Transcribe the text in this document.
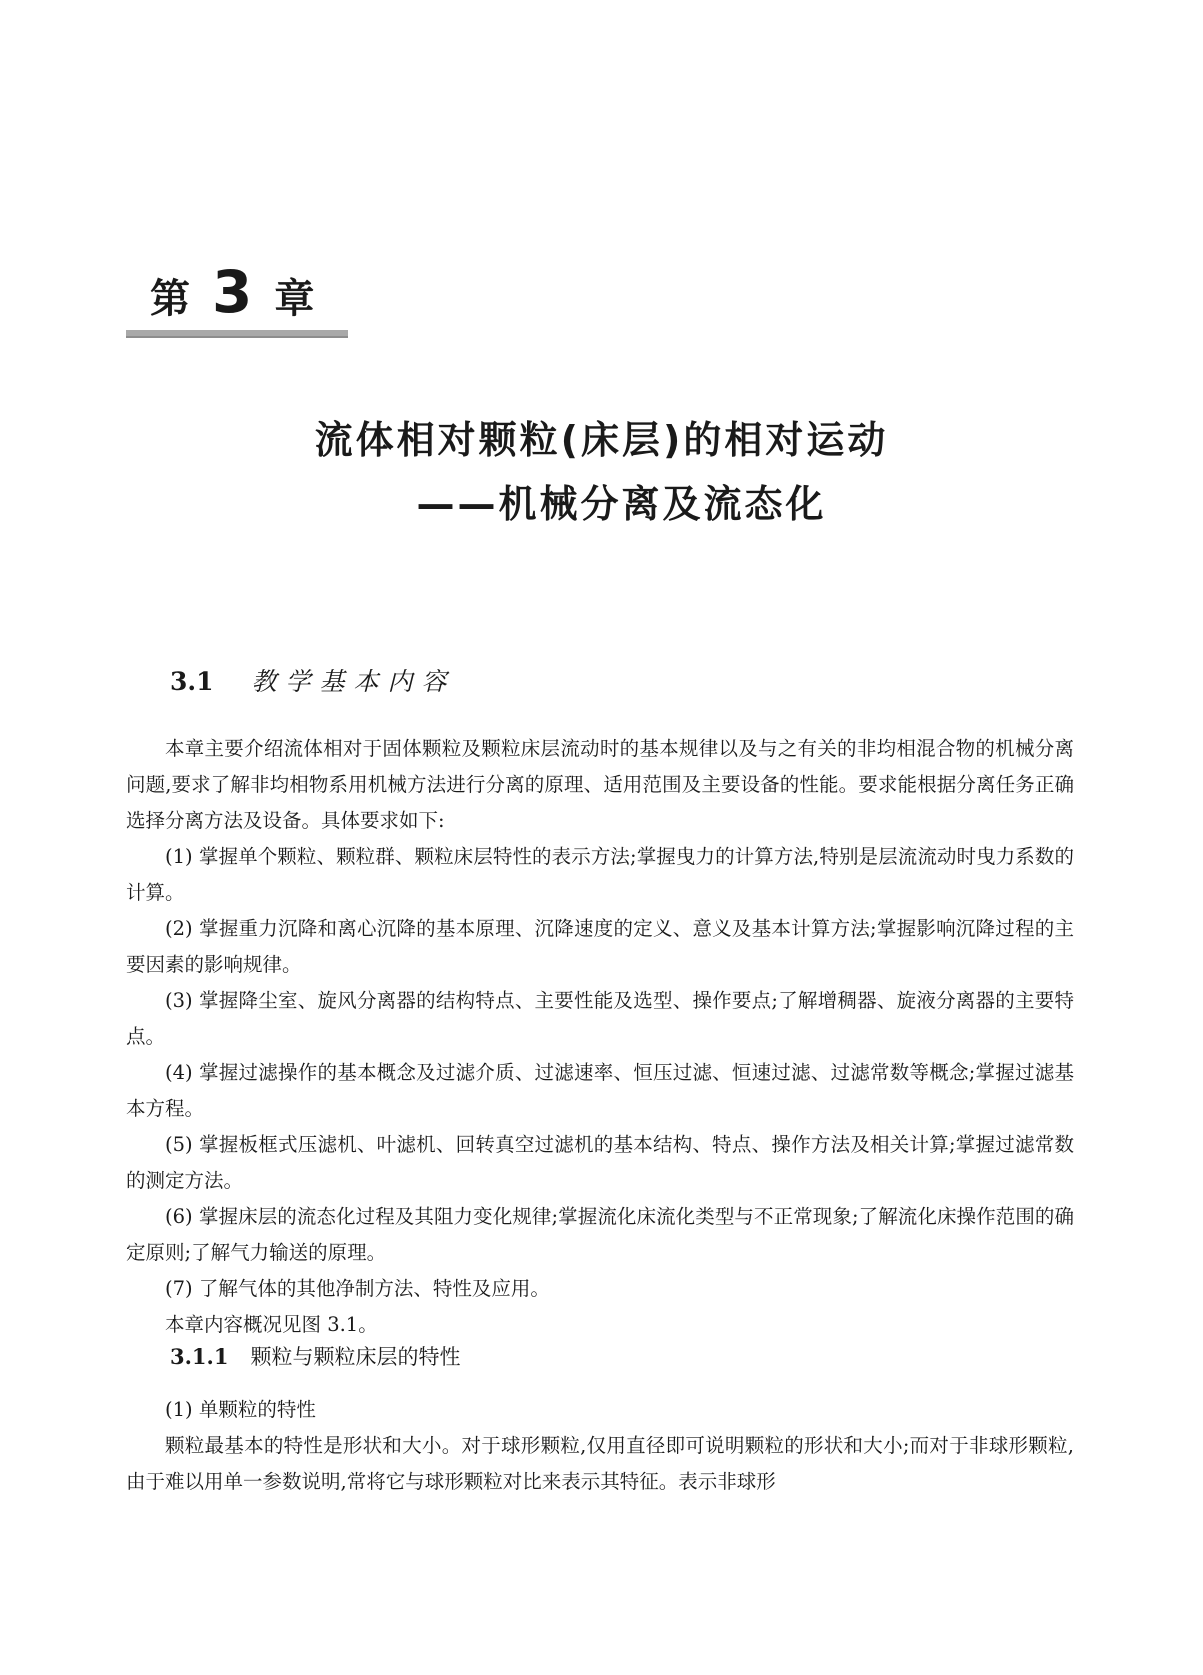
第 3 章
流体相对颗粒(床层)的相对运动
——机械分离及流态化
3.1 教学基本内容

本章主要介绍流体相对于固体颗粒及颗粒床层流动时的基本规律以及与之有关的非均相混合物的机械分离问题,要求了解非均相物系用机械方法进行分离的原理、适用范围及主要设备的性能。要求能根据分离任务正确选择分离方法及设备。具体要求如下:

(1) 掌握单个颗粒、颗粒群、颗粒床层特性的表示方法;掌握曳力的计算方法,特别是层流流动时曳力系数的计算。

(2) 掌握重力沉降和离心沉降的基本原理、沉降速度的定义、意义及基本计算方法;掌握影响沉降过程的主要因素的影响规律。

(3) 掌握降尘室、旋风分离器的结构特点、主要性能及选型、操作要点;了解增稠器、旋液分离器的主要特点。

(4) 掌握过滤操作的基本概念及过滤介质、过滤速率、恒压过滤、恒速过滤、过滤常数等概念;掌握过滤基本方程。

(5) 掌握板框式压滤机、叶滤机、回转真空过滤机的基本结构、特点、操作方法及相关计算;掌握过滤常数的测定方法。

(6) 掌握床层的流态化过程及其阻力变化规律;掌握流化床流化类型与不正常现象;了解流化床操作范围的确定原则;了解气力输送的原理。

(7) 了解气体的其他净制方法、特性及应用。

本章内容概况见图 3.1。

3.1.1 颗粒与颗粒床层的特性

(1) 单颗粒的特性

颗粒最基本的特性是形状和大小。对于球形颗粒,仅用直径即可说明颗粒的形状和大小;而对于非球形颗粒,由于难以用单一参数说明,常将它与球形颗粒对比来表示其特征。表示非球形
